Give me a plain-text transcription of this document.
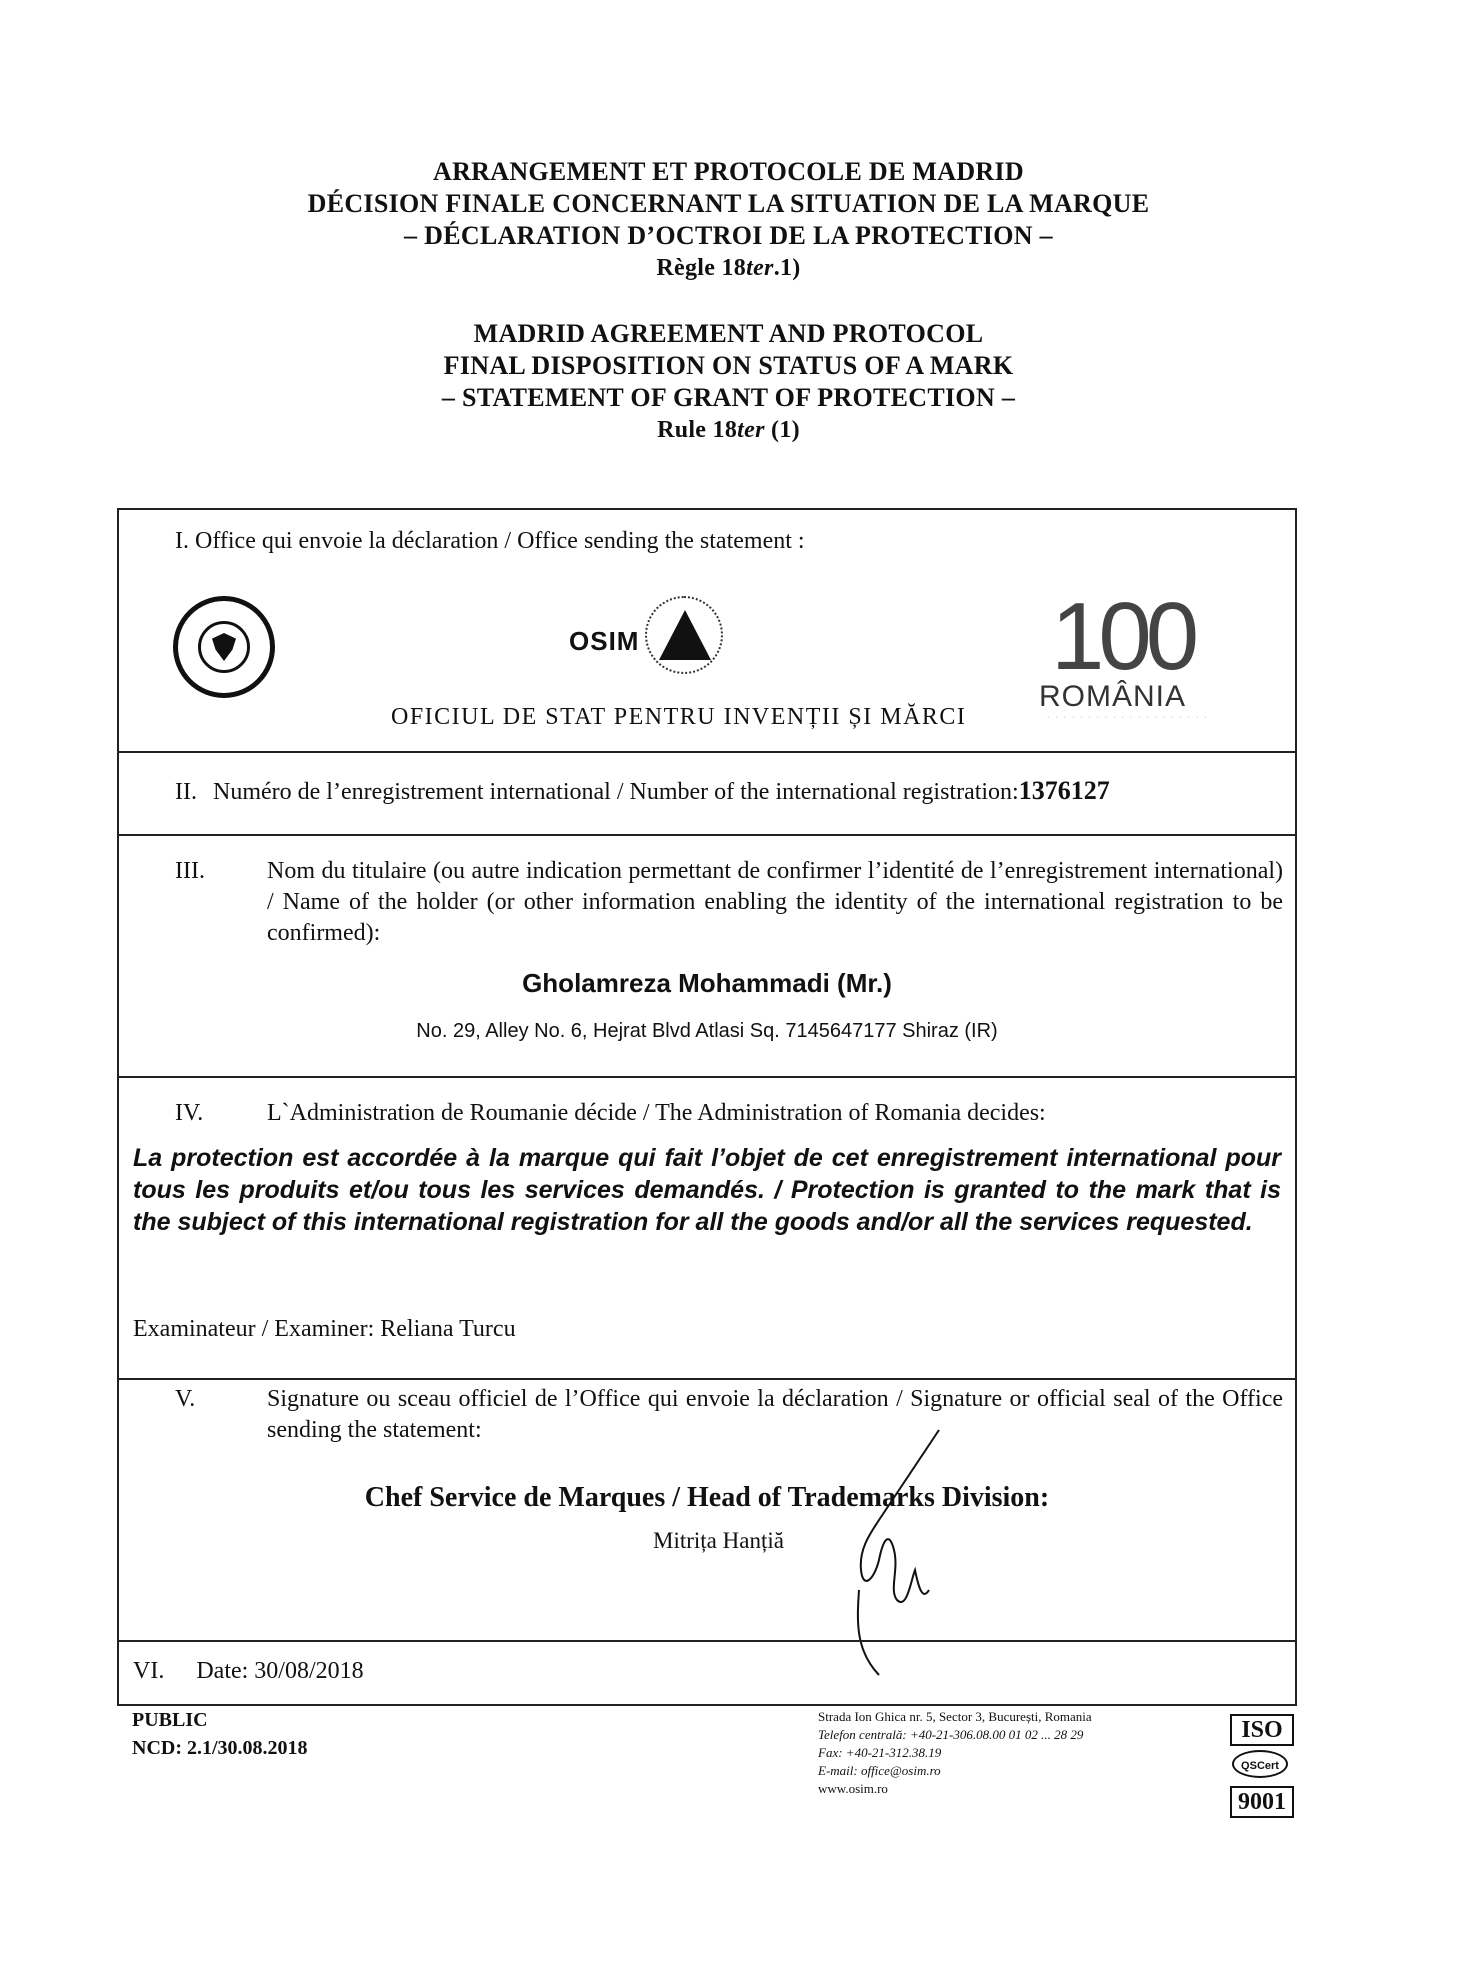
ARRANGEMENT ET PROTOCOLE DE MADRID
DÉCISION FINALE CONCERNANT LA SITUATION DE LA MARQUE
– DÉCLARATION D’OCTROI DE LA PROTECTION –
Règle 18ter.1)
MADRID AGREEMENT AND PROTOCOL
FINAL DISPOSITION ON STATUS OF A MARK
– STATEMENT OF GRANT OF PROTECTION –
Rule 18ter (1)
I. Office qui envoie la déclaration / Office sending the statement :
OSIM	100
ROMÂNIA
· · · · · · · · · · · · · · · · · · · ·
OFICIUL DE STAT PENTRU INVENȚII ȘI MĂRCI
II. Numéro de l’enregistrement international / Number of the international registration:1376127
III.	Nom du titulaire (ou autre indication permettant de confirmer l’identité de l’enregistrement international) / Name of the holder (or other information enabling the identity of the international registration to be confirmed):
Gholamreza Mohammadi (Mr.)
No. 29, Alley No. 6, Hejrat Blvd Atlasi Sq. 7145647177 Shiraz (IR)
IV.	L`Administration de Roumanie décide / The Administration of Romania decides:
La protection est accordée à la marque qui fait l’objet de cet enregistrement international pour tous les produits et/ou tous les services demandés. / Protection is granted to the mark that is the subject of this international registration for all the goods and/or all the services requested.
Examinateur / Examiner: Reliana Turcu
V.	Signature ou sceau officiel de l’Office qui envoie la déclaration / Signature or official seal of the Office sending the statement:
Chef Service de Marques / Head of Trademarks Division:
Mitrița Hanțiă
VI. Date: 30/08/2018
PUBLIC
NCD: 2.1/30.08.2018
Strada Ion Ghica nr. 5, Sector 3, București, Romania
Telefon centrală: +40-21-306.08.00 01 02 ... 28 29
Fax: +40-21-312.38.19
E-mail: office@osim.ro
www.osim.ro
ISO
QSCert
9001
